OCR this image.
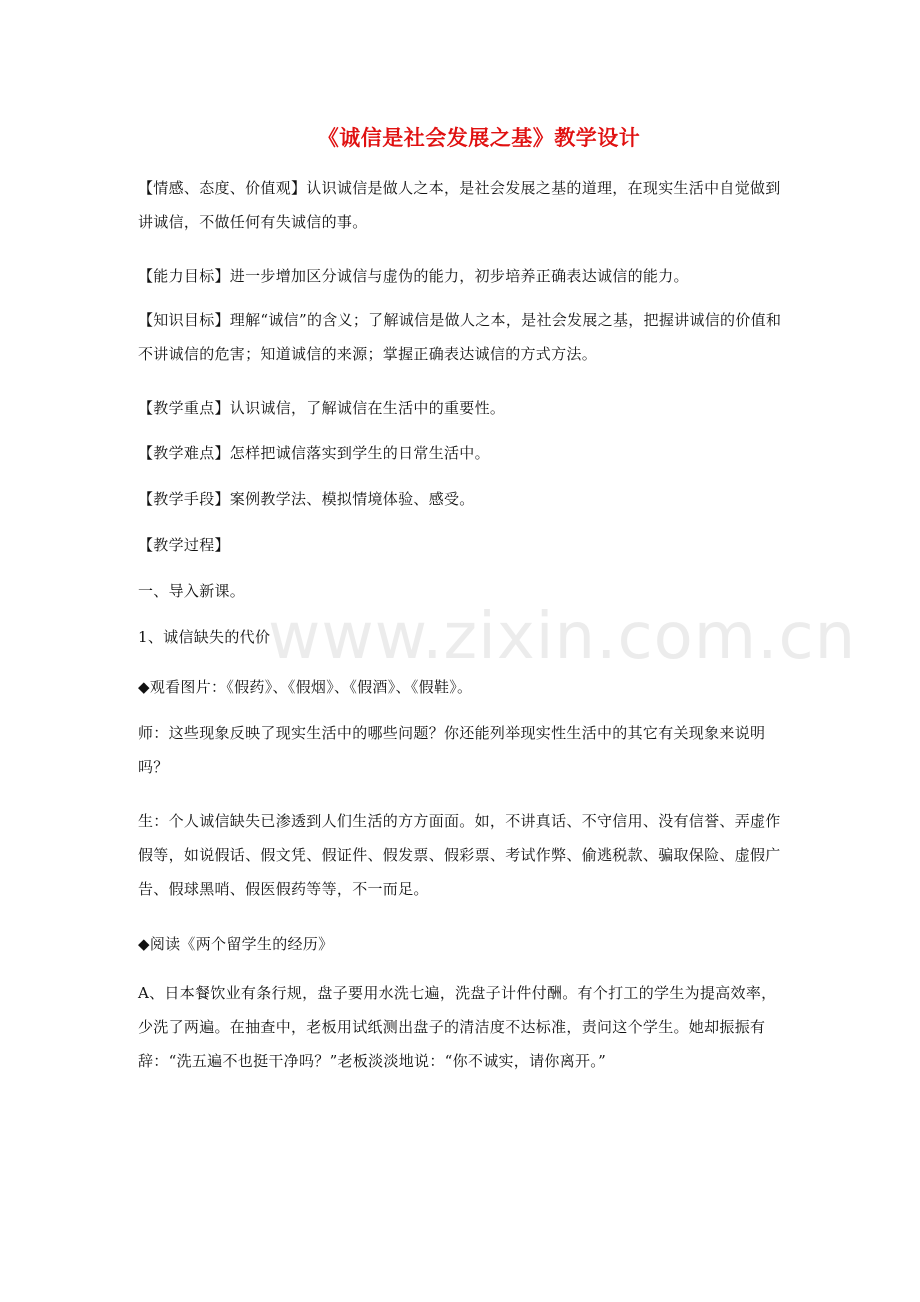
www.zixin.com.cn
《诚信是社会发展之基》教学设计

【情感、态度、价值观】认识诚信是做人之本，是社会发展之基的道理，在现实生活中自觉做到讲诚信，不做任何有失诚信的事。

【能力目标】进一步增加区分诚信与虚伪的能力，初步培养正确表达诚信的能力。

【知识目标】理解“诚信”的含义；了解诚信是做人之本，是社会发展之基，把握讲诚信的价值和不讲诚信的危害；知道诚信的来源；掌握正确表达诚信的方式方法。

【教学重点】认识诚信，了解诚信在生活中的重要性。

【教学难点】怎样把诚信落实到学生的日常生活中。

【教学手段】案例教学法、模拟情境体验、感受。

【教学过程】

一、导入新课。

1、诚信缺失的代价

◆观看图片：《假药》、《假烟》、《假酒》、《假鞋》。

师：这些现象反映了现实生活中的哪些问题？你还能列举现实性生活中的其它有关现象来说明吗？

生：个人诚信缺失已渗透到人们生活的方方面面。如，不讲真话、不守信用、没有信誉、弄虚作假等，如说假话、假文凭、假证件、假发票、假彩票、考试作弊、偷逃税款、骗取保险、虚假广告、假球黑哨、假医假药等等，不一而足。

◆阅读《两个留学生的经历》

A、日本餐饮业有条行规，盘子要用水洗七遍，洗盘子计件付酬。有个打工的学生为提高效率，少洗了两遍。在抽查中，老板用试纸测出盘子的清洁度不达标准，责问这个学生。她却振振有辞：“洗五遍不也挺干净吗？”老板淡淡地说：“你不诚实，请你离开。”
